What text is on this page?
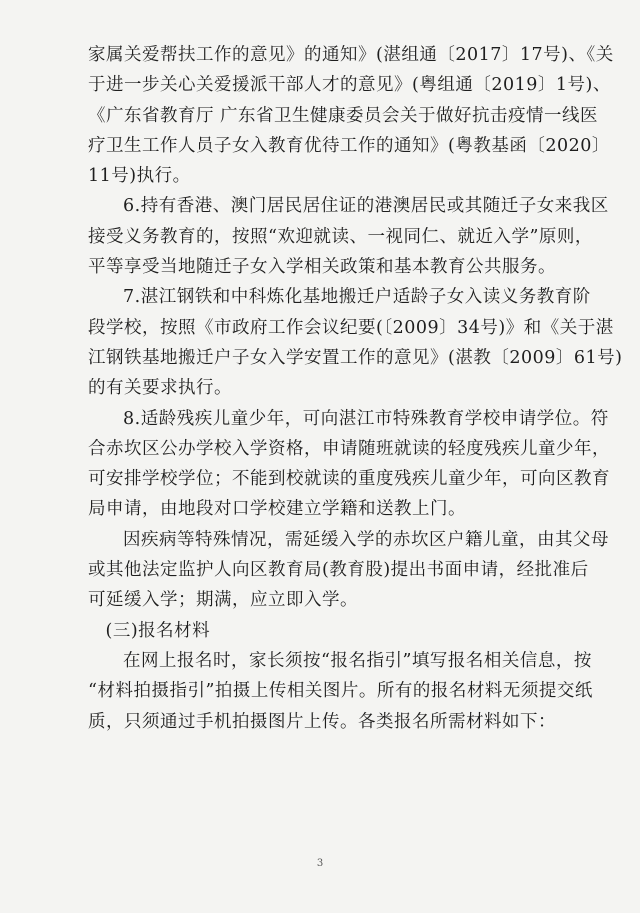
家属关爱帮扶工作的意见》的通知》(湛组通〔2017〕17号)、《关
于进一步关心关爱援派干部人才的意见》(粤组通〔2019〕1号)、
《广东省教育厅 广东省卫生健康委员会关于做好抗击疫情一线医
疗卫生工作人员子女入教育优待工作的通知》(粤教基函〔2020〕
11号)执行。

6.持有香港、澳门居民居住证的港澳居民或其随迁子女来我区
接受义务教育的，按照“欢迎就读、一视同仁、就近入学”原则，
平等享受当地随迁子女入学相关政策和基本教育公共服务。

7.湛江钢铁和中科炼化基地搬迁户适龄子女入读义务教育阶
段学校，按照《市政府工作会议纪要(〔2009〕34号)》和《关于湛
江钢铁基地搬迁户子女入学安置工作的意见》(湛教〔2009〕61号)
的有关要求执行。

8.适龄残疾儿童少年，可向湛江市特殊教育学校申请学位。符
合赤坎区公办学校入学资格，申请随班就读的轻度残疾儿童少年，
可安排学校学位；不能到校就读的重度残疾儿童少年，可向区教育
局申请，由地段对口学校建立学籍和送教上门。

因疾病等特殊情况，需延缓入学的赤坎区户籍儿童，由其父母
或其他法定监护人向区教育局(教育股)提出书面申请，经批准后
可延缓入学；期满，应立即入学。

(三)报名材料

在网上报名时，家长须按“报名指引”填写报名相关信息，按
“材料拍摄指引”拍摄上传相关图片。所有的报名材料无须提交纸
质，只须通过手机拍摄图片上传。各类报名所需材料如下：

3
